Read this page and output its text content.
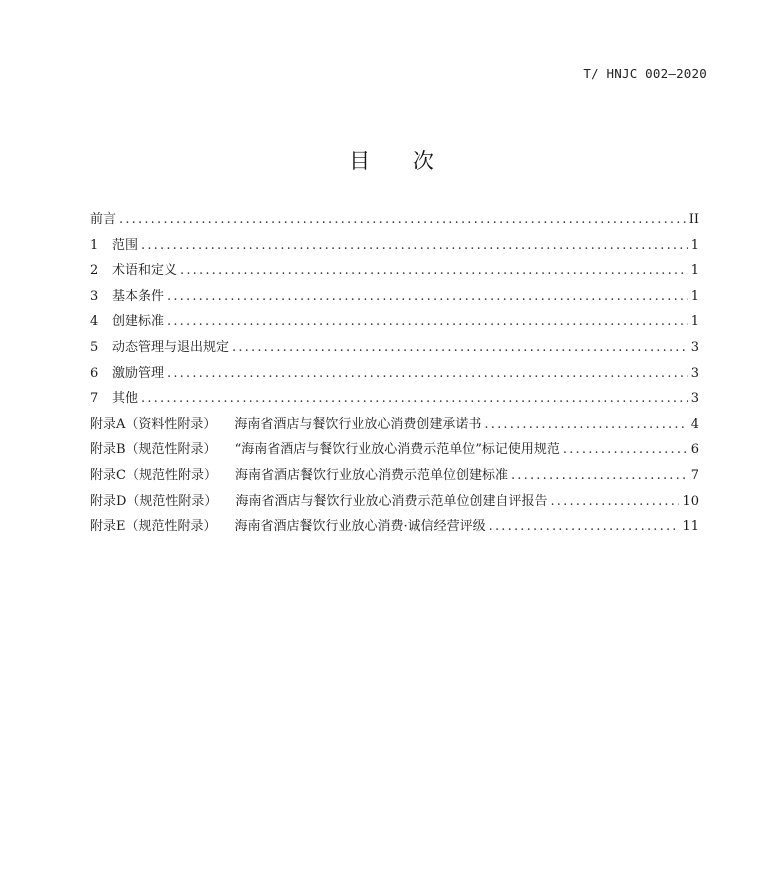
T/ HNJC 002—2020
目 次
前言 .....	II
1	范围 .....	1
2	术语和定义 .....	1
3	基本条件 .....	1
4	创建标准 .....	1
5	动态管理与退出规定 .....	3
6	激励管理 .....	3
7	其他 .....	3
附录A（资料性附录） 海南省酒店与餐饮行业放心消费创建承诺书 .....	4
附录B（规范性附录） “海南省酒店与餐饮行业放心消费示范单位”标记使用规范 .....	6
附录C（规范性附录） 海南省酒店餐饮行业放心消费示范单位创建标准 .....	7
附录D（规范性附录） 海南省酒店与餐饮行业放心消费示范单位创建自评报告 .....	10
附录E（规范性附录） 海南省酒店餐饮行业放心消费·诚信经营评级 .....	11
